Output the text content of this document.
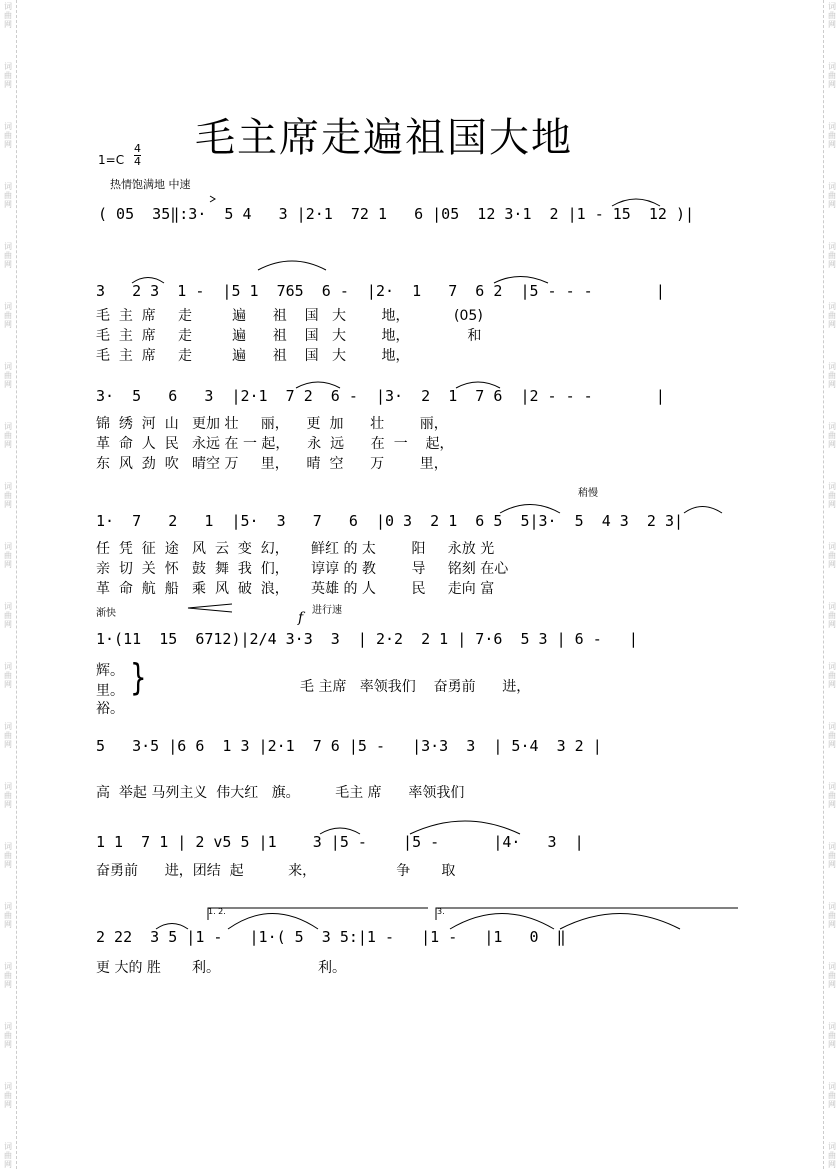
词
曲
网
词
曲
网
词
曲
网
词
曲
网
词
曲
网
词
曲
网
词
曲
网
词
曲
网
词
曲
网
词
曲
网
词
曲
网
词
曲
网
词
曲
网
词
曲
网
词
曲
网
词
曲
网
词
曲
网
词
曲
网
词
曲
网
词
曲
网
词
曲
网
词
曲
网
词
曲
网
词
曲
网
词
曲
网
词
曲
网
词
曲
网
词
曲
网
词
曲
网
词
曲
网
词
曲
网
词
曲
网
词
曲
网
词
曲
网
词
曲
网
词
曲
网
词
曲
网
词
曲
网
词
曲
网
词
曲
网
毛主席走遍祖国大地
1=C
4
4
热情饱满地 中速
( 05  35‖:3·  5 4   3 |2·1  72 1   6 |05  12 3·1  2 |1 - 15  12 )|
3   2 3  1 -  |5 1  765  6 -  |2·  1   7  6 2  |5 - - -       |
毛  主  席     走         遍      祖    国   大        地，          (05)
毛  主  席     走         遍      祖    国   大        地，             和
毛  主  席     走         遍      祖    国   大        地，
3·  5   6   3  |2·1  7 2  6 -  |3·  2  1  7 6  |2 - - -       |
锦  绣  河  山   更加 壮     丽，    更  加      壮        丽，
革  命  人  民   永远 在 一 起，    永  远      在  一    起，
东  风  劲  吹   晴空 万     里，    晴  空      万        里，
稍慢
1·  7   2   1  |5·  3   7   6  |0 3  2 1  6 5  5|3·  5  4 3  2 3|
任  凭  征  途   风  云  变  幻，     鲜红 的 太        阳     永放 光
亲  切  关  怀   鼓  舞  我  们，     谆谆 的 教        导     铭刻 在心
革  命  航  船   乘  风  破  浪，     英雄 的 人        民     走向 富
渐快	f 进行速
1·(11  15  6712)|2/4 3·3  3  | 2·2  2 1 | 7·6  5 3 | 6 -   |
辉。
里。
裕。
}	毛 主席   率领我们    奋勇前      进，
5   3·5 |6 6  1 3 |2·1  7 6 |5 -   |3·3  3  | 5·4  3 2 |
高  举起 马列主义  伟大红   旗。        毛主 席      率领我们
1 1  7 1 | 2 v5 5 |1    3 |5 -    |5 -      |4·   3  |
奋勇前      进，团结  起          来，                  争       取
1. 2.	3.
2 22  3 5 |1 -   |1·( 5  3 5:|1 -   |1 -   |1   0  ‖
更 大的 胜       利。                      利。
